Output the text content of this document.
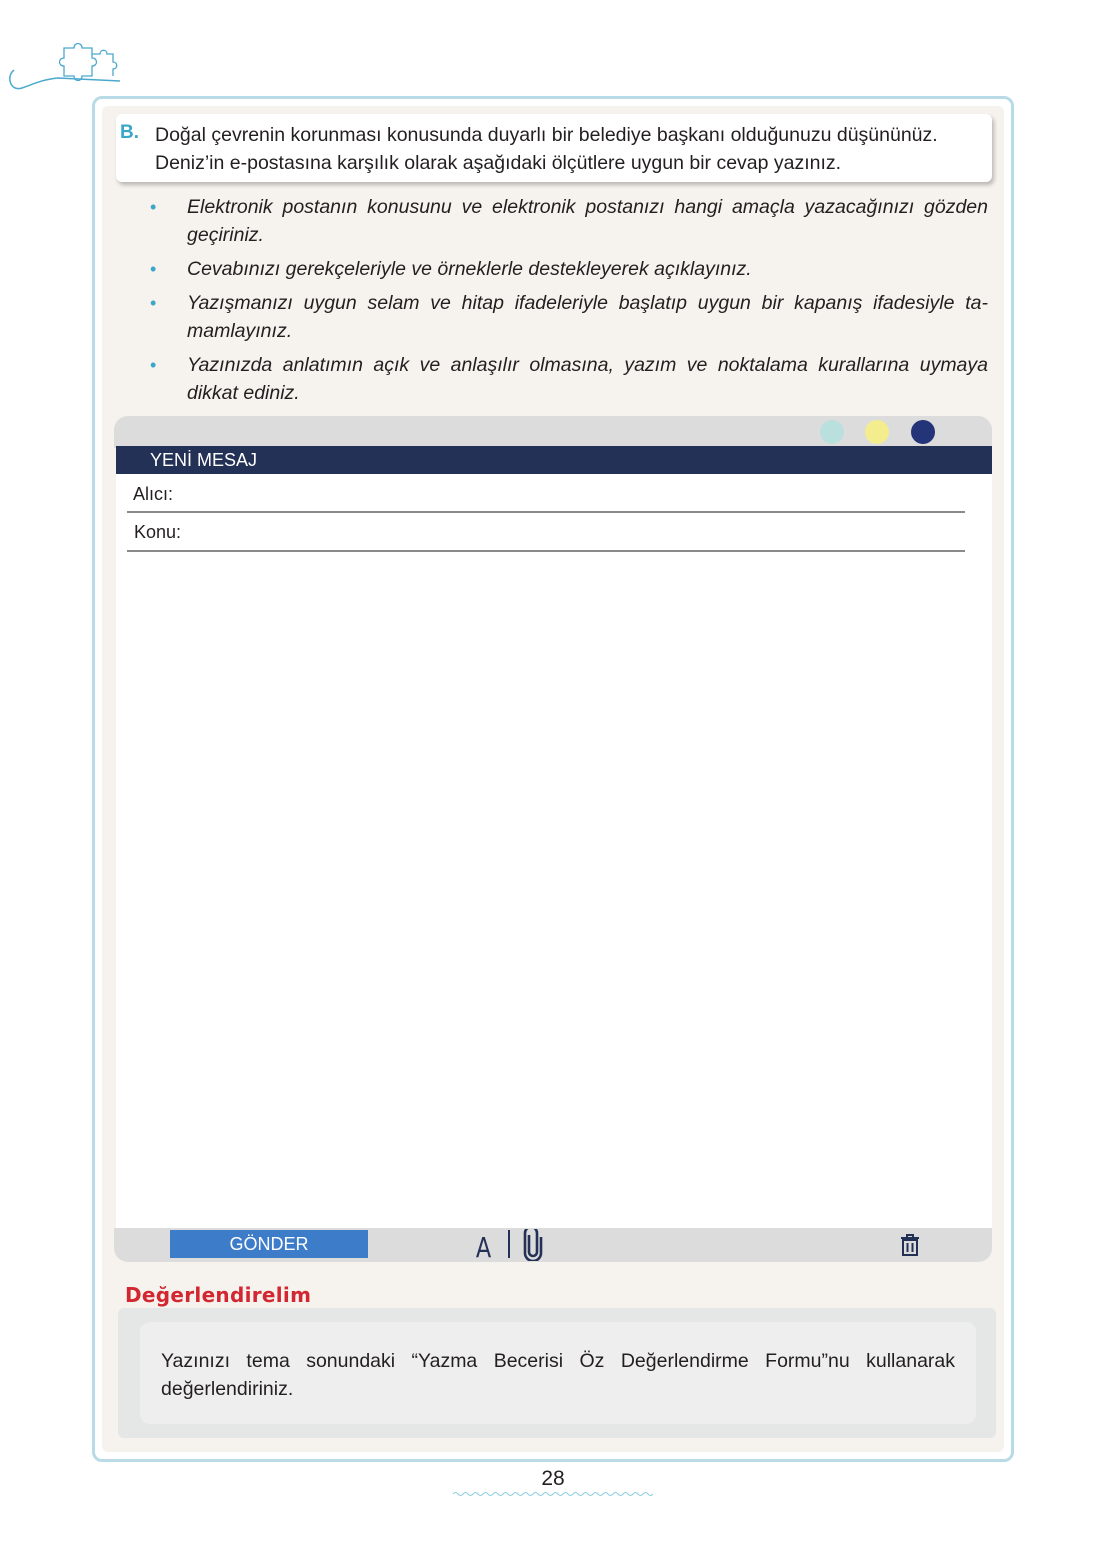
B. Doğal çevrenin korunması konusunda duyarlı bir belediye başkanı olduğunuzu düşününüz. Deniz’in e-postasına karşılık olarak aşağıdaki ölçütlere uygun bir cevap yazınız.
• Elektronik postanın konusunu ve elektronik postanızı hangi amaçla yazacağınızı gözden geçiriniz.
• Cevabınızı gerekçeleriyle ve örneklerle destekleyerek açıklayınız.
• Yazışmanızı uygun selam ve hitap ifadeleriyle başlatıp uygun bir kapanış ifadesiyle ta-mamlayınız.
• Yazınızda anlatımın açık ve anlaşılır olmasına, yazım ve noktalama kurallarına uymaya dikkat ediniz.
YENİ MESAJ
Alıcı:
Konu:
GÖNDER	A
Değerlendirelim
Yazınızı tema sonundaki “Yazma Becerisi Öz Değerlendirme Formu”nu kullanarak değerlendiriniz.
28
